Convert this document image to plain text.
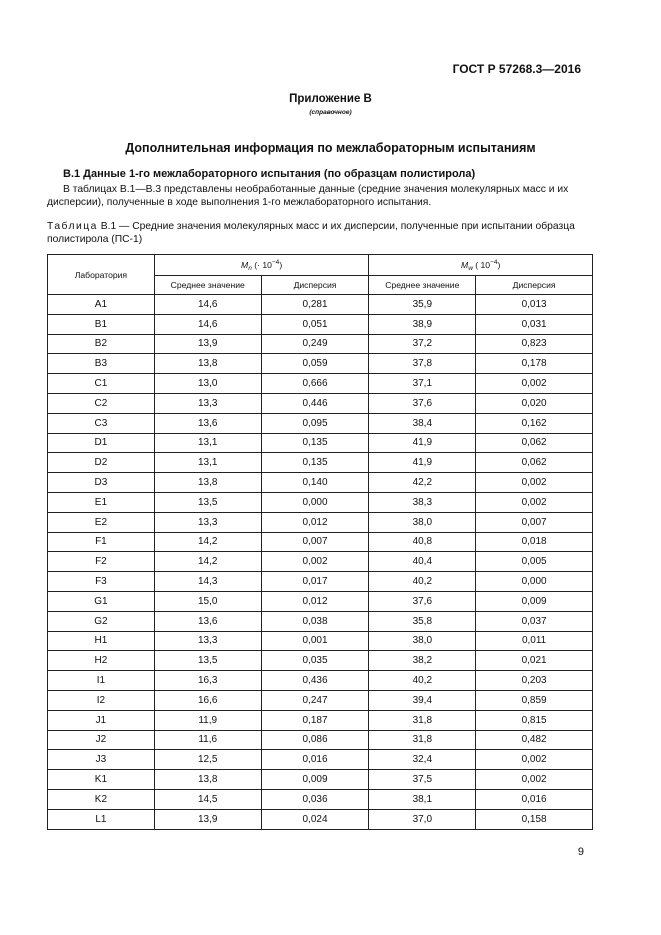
ГОСТ Р 57268.3—2016
Приложение В
(справочное)
Дополнительная информация по межлабораторным испытаниям
В.1 Данные 1-го межлабораторного испытания (по образцам полистирола)
В таблицах В.1—В.3 представлены необработанные данные (средние значения молекулярных масс и их дисперсии), полученные в ходе выполнения 1-го межлабораторного испытания.
Таблица В.1 — Средние значения молекулярных масс и их дисперсии, полученные при испытании образца полистирола (ПС-1)
Лаборатория	$M_n$ (· $10^{-4}$)		$M_w$ ( $10^{-4}$)	
	Среднее значение	Дисперсия	Среднее значение	Дисперсия
A1	14,6	0,281	35,9	0,013
B1	14,6	0,051	38,9	0,031
B2	13,9	0,249	37,2	0,823
B3	13,8	0,059	37,8	0,178
C1	13,0	0,666	37,1	0,002
C2	13,3	0,446	37,6	0,020
C3	13,6	0,095	38,4	0,162
D1	13,1	0,135	41,9	0,062
D2	13,1	0,135	41,9	0,062
D3	13,8	0,140	42,2	0,002
E1	13,5	0,000	38,3	0,002
E2	13,3	0,012	38,0	0,007
F1	14,2	0,007	40,8	0,018
F2	14,2	0,002	40,4	0,005
F3	14,3	0,017	40,2	0,000
G1	15,0	0,012	37,6	0,009
G2	13,6	0,038	35,8	0,037
H1	13,3	0,001	38,0	0,011
H2	13,5	0,035	38,2	0,021
I1	16,3	0,436	40,2	0,203
I2	16,6	0,247	39,4	0,859
J1	11,9	0,187	31,8	0,815
J2	11,6	0,086	31,8	0,482
J3	12,5	0,016	32,4	0,002
K1	13,8	0,009	37,5	0,002
K2	14,5	0,036	38,1	0,016
L1	13,9	0,024	37,0	0,158
9
